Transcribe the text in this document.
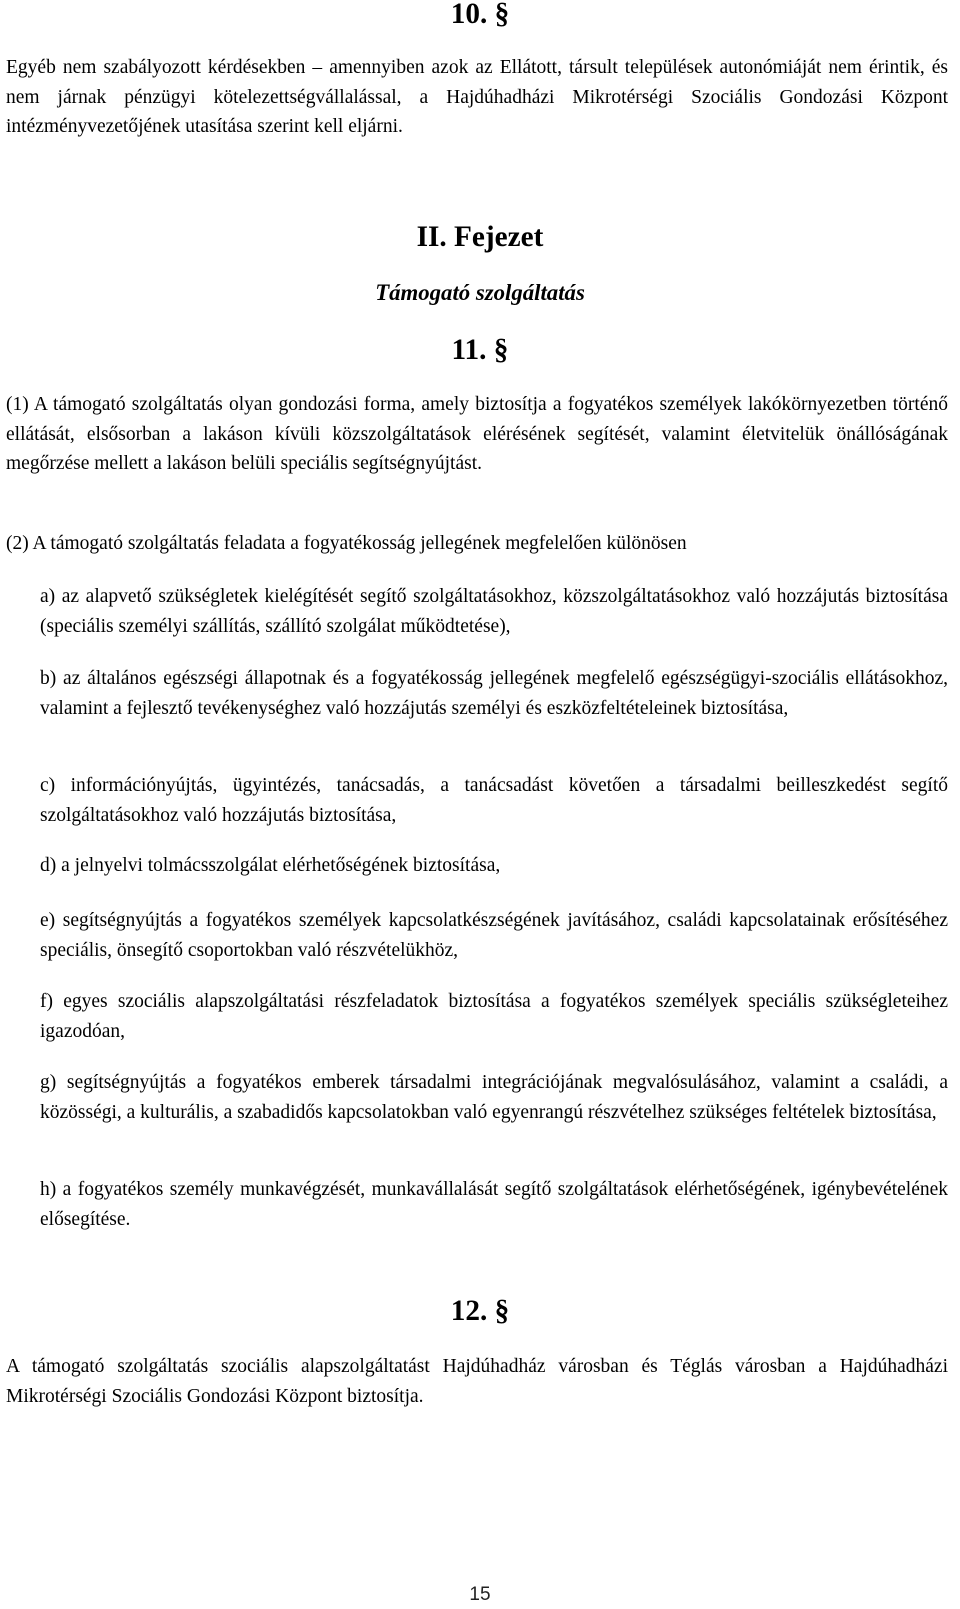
10. §

Egyéb nem szabályozott kérdésekben – amennyiben azok az Ellátott, társult települések autonómiáját nem érintik, és nem járnak pénzügyi kötelezettségvállalással, a Hajdúhadházi Mikrotérségi Szociális Gondozási Központ intézményvezetőjének utasítása szerint kell eljárni.

II. Fejezet
Támogató szolgáltatás
11. §

(1) A támogató szolgáltatás olyan gondozási forma, amely biztosítja a fogyatékos személyek lakókörnyezetben történő ellátását, elsősorban a lakáson kívüli közszolgáltatások elérésének segítését, valamint életvitelük önállóságának megőrzése mellett a lakáson belüli speciális segítségnyújtást.

(2) A támogató szolgáltatás feladata a fogyatékosság jellegének megfelelően különösen

a) az alapvető szükségletek kielégítését segítő szolgáltatásokhoz, közszolgáltatásokhoz való hozzájutás biztosítása (speciális személyi szállítás, szállító szolgálat működtetése),

b) az általános egészségi állapotnak és a fogyatékosság jellegének megfelelő egészségügyi-szociális ellátásokhoz, valamint a fejlesztő tevékenységhez való hozzájutás személyi és eszközfeltételeinek biztosítása,

c) információnyújtás, ügyintézés, tanácsadás, a tanácsadást követően a társadalmi beilleszkedést segítő szolgáltatásokhoz való hozzájutás biztosítása,

d) a jelnyelvi tolmácsszolgálat elérhetőségének biztosítása,

e) segítségnyújtás a fogyatékos személyek kapcsolatkészségének javításához, családi kapcsolatainak erősítéséhez speciális, önsegítő csoportokban való részvételükhöz,

f) egyes szociális alapszolgáltatási részfeladatok biztosítása a fogyatékos személyek speciális szükségleteihez igazodóan,

g) segítségnyújtás a fogyatékos emberek társadalmi integrációjának megvalósulásához, valamint a családi, a közösségi, a kulturális, a szabadidős kapcsolatokban való egyenrangú részvételhez szükséges feltételek biztosítása,

h) a fogyatékos személy munkavégzését, munkavállalását segítő szolgáltatások elérhetőségének, igénybevételének elősegítése.

12. §

A támogató szolgáltatás szociális alapszolgáltatást Hajdúhadház városban és Téglás városban a Hajdúhadházi Mikrotérségi Szociális Gondozási Központ biztosítja.

15
